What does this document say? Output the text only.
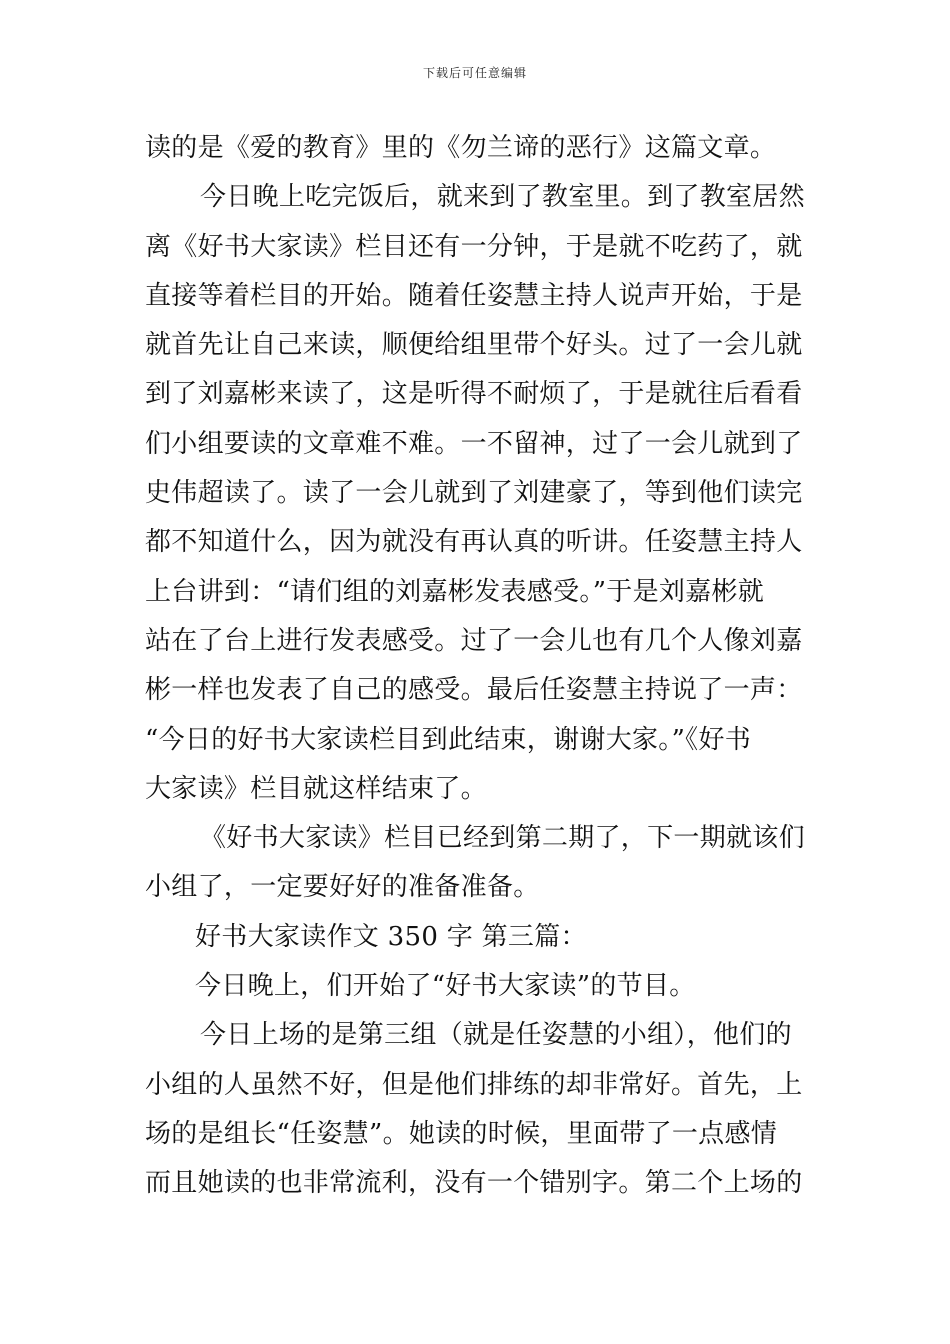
下载后可任意编辑
读的是《爱的教育》里的《勿兰谛的恶行》这篇文章。
今日晚上吃完饭后，就来到了教室里。到了教室居然
离《好书大家读》栏目还有一分钟，于是就不吃药了，就
直接等着栏目的开始。随着任姿慧主持人说声开始，于是
就首先让自己来读，顺便给组里带个好头。过了一会儿就
到了刘嘉彬来读了，这是听得不耐烦了，于是就往后看看
们小组要读的文章难不难。一不留神，过了一会儿就到了
史伟超读了。读了一会儿就到了刘建豪了，等到他们读完
都不知道什么，因为就没有再认真的听讲。任姿慧主持人
上台讲到：“请们组的刘嘉彬发表感受。”于是刘嘉彬就
站在了台上进行发表感受。过了一会儿也有几个人像刘嘉
彬一样也发表了自己的感受。最后任姿慧主持说了一声：
“今日的好书大家读栏目到此结束，谢谢大家。”《好书
大家读》栏目就这样结束了。
《好书大家读》栏目已经到第二期了，下一期就该们
小组了，一定要好好的准备准备。
好书大家读作文 350 字 第三篇：
今日晚上，们开始了“好书大家读”的节目。
今日上场的是第三组（就是任姿慧的小组），他们的
小组的人虽然不好，但是他们排练的却非常好。首先，上
场的是组长“任姿慧”。她读的时候，里面带了一点感情
而且她读的也非常流利，没有一个错别字。第二个上场的
